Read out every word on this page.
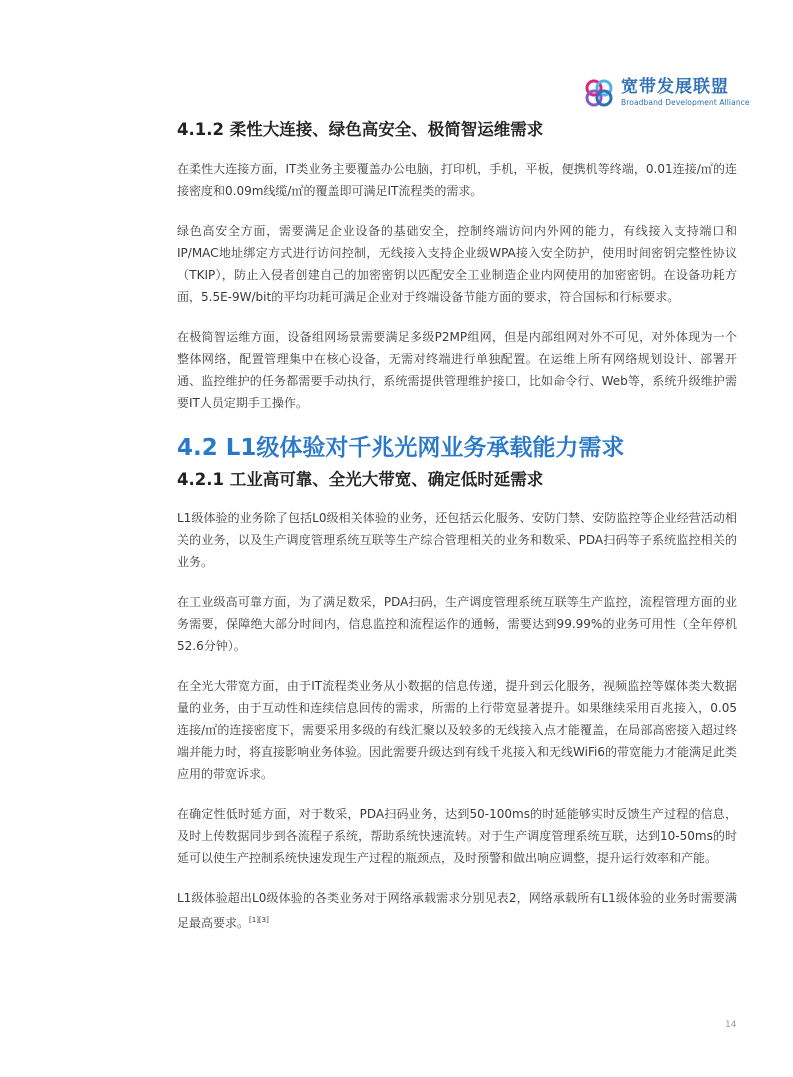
宽带发展联盟
Broadband Development Alliance
4.1.2 柔性大连接、绿色高安全、极简智运维需求

在柔性大连接方面，IT类业务主要覆盖办公电脑，打印机，手机，平板，便携机等终端，0.01连接/㎡的连接密度和0.09m线缆/㎡的覆盖即可满足IT流程类的需求。

绿色高安全方面，需要满足企业设备的基础安全，控制终端访问内外网的能力，有线接入支持端口和IP/MAC地址绑定方式进行访问控制，无线接入支持企业级WPA接入安全防护，使用时间密钥完整性协议（TKIP），防止入侵者创建自己的加密密钥以匹配安全工业制造企业内网使用的加密密钥。在设备功耗方面，5.5E-9W/bit的平均功耗可满足企业对于终端设备节能方面的要求，符合国标和行标要求。

在极简智运维方面，设备组网场景需要满足多级P2MP组网，但是内部组网对外不可见，对外体现为一个整体网络，配置管理集中在核心设备，无需对终端进行单独配置。在运维上所有网络规划设计、部署开通、监控维护的任务都需要手动执行，系统需提供管理维护接口，比如命令行、Web等，系统升级维护需要IT人员定期手工操作。

4.2 L1级体验对千兆光网业务承载能力需求
4.2.1 工业高可靠、全光大带宽、确定低时延需求

L1级体验的业务除了包括L0级相关体验的业务，还包括云化服务、安防门禁、安防监控等企业经营活动相关的业务，以及生产调度管理系统互联等生产综合管理相关的业务和数采、PDA扫码等子系统监控相关的业务。

在工业级高可靠方面，为了满足数采，PDA扫码，生产调度管理系统互联等生产监控，流程管理方面的业务需要，保障绝大部分时间内，信息监控和流程运作的通畅，需要达到99.99%的业务可用性（全年停机52.6分钟）。

在全光大带宽方面，由于IT流程类业务从小数据的信息传递，提升到云化服务，视频监控等媒体类大数据量的业务，由于互动性和连续信息回传的需求，所需的上行带宽显著提升。如果继续采用百兆接入，0.05连接/㎡的连接密度下，需要采用多级的有线汇聚以及较多的无线接入点才能覆盖，在局部高密接入超过终端并能力时，将直接影响业务体验。因此需要升级达到有线千兆接入和无线WiFi6的带宽能力才能满足此类应用的带宽诉求。

在确定性低时延方面，对于数采，PDA扫码业务，达到50-100ms的时延能够实时反馈生产过程的信息，及时上传数据同步到各流程子系统，帮助系统快速流转。对于生产调度管理系统互联，达到10-50ms的时延可以使生产控制系统快速发现生产过程的瓶颈点，及时预警和做出响应调整，提升运行效率和产能。

L1级体验超出L0级体验的各类业务对于网络承载需求分别见表2，网络承载所有L1级体验的业务时需要满足最高要求。[1][3]

14
